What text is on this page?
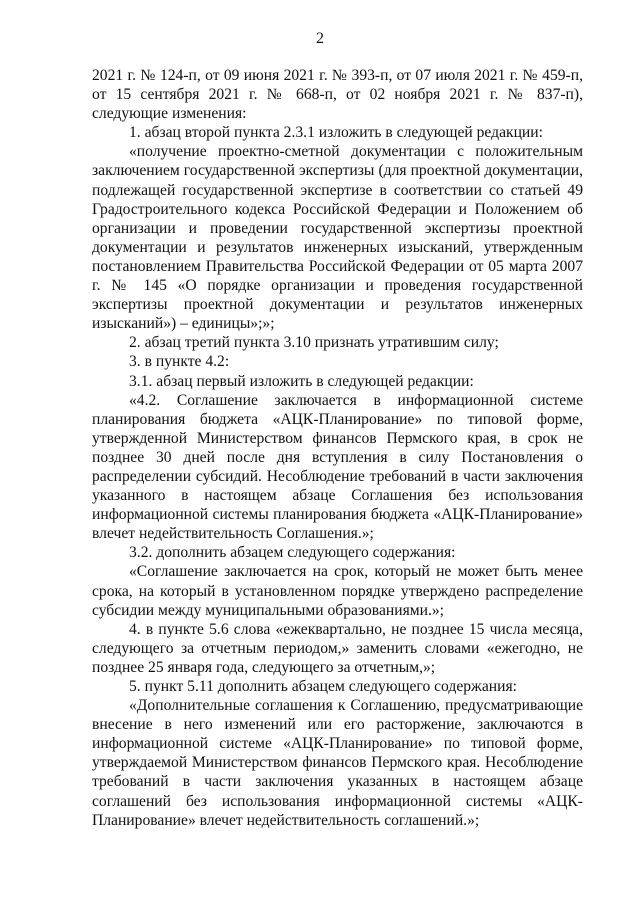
2

2021 г. № 124-п, от 09 июня 2021 г. № 393-п, от 07 июля 2021 г. № 459-п, от 15 сентября 2021 г. № 668-п, от 02 ноября 2021 г. № 837-п), следующие изменения:

1. абзац второй пункта 2.3.1 изложить в следующей редакции:

«получение проектно-сметной документации с положительным заключением государственной экспертизы (для проектной документации, подлежащей государственной экспертизе в соответствии со статьей 49 Градостроительного кодекса Российской Федерации и Положением об организации и проведении государственной экспертизы проектной документации и результатов инженерных изысканий, утвержденным постановлением Правительства Российской Федерации от 05 марта 2007 г. № 145 «О порядке организации и проведения государственной экспертизы проектной документации и результатов инженерных изысканий») – единицы»;»;

2. абзац третий пункта 3.10 признать утратившим силу;

3. в пункте 4.2:

3.1. абзац первый изложить в следующей редакции:

«4.2. Соглашение заключается в информационной системе планирования бюджета «АЦК-Планирование» по типовой форме, утвержденной Министерством финансов Пермского края, в срок не позднее 30 дней после дня вступления в силу Постановления о распределении субсидий. Несоблюдение требований в части заключения указанного в настоящем абзаце Соглашения без использования информационной системы планирования бюджета «АЦК-Планирование» влечет недействительность Соглашения.»;

3.2. дополнить абзацем следующего содержания:

«Соглашение заключается на срок, который не может быть менее срока, на который в установленном порядке утверждено распределение субсидии между муниципальными образованиями.»;

4. в пункте 5.6 слова «ежеквартально, не позднее 15 числа месяца, следующего за отчетным периодом,» заменить словами «ежегодно, не позднее 25 января года, следующего за отчетным,»;

5. пункт 5.11 дополнить абзацем следующего содержания:

«Дополнительные соглашения к Соглашению, предусматривающие внесение в него изменений или его расторжение, заключаются в информационной системе «АЦК-Планирование» по типовой форме, утверждаемой Министерством финансов Пермского края. Несоблюдение требований в части заключения указанных в настоящем абзаце соглашений без использования информационной системы «АЦК-Планирование» влечет недействительность соглашений.»;
